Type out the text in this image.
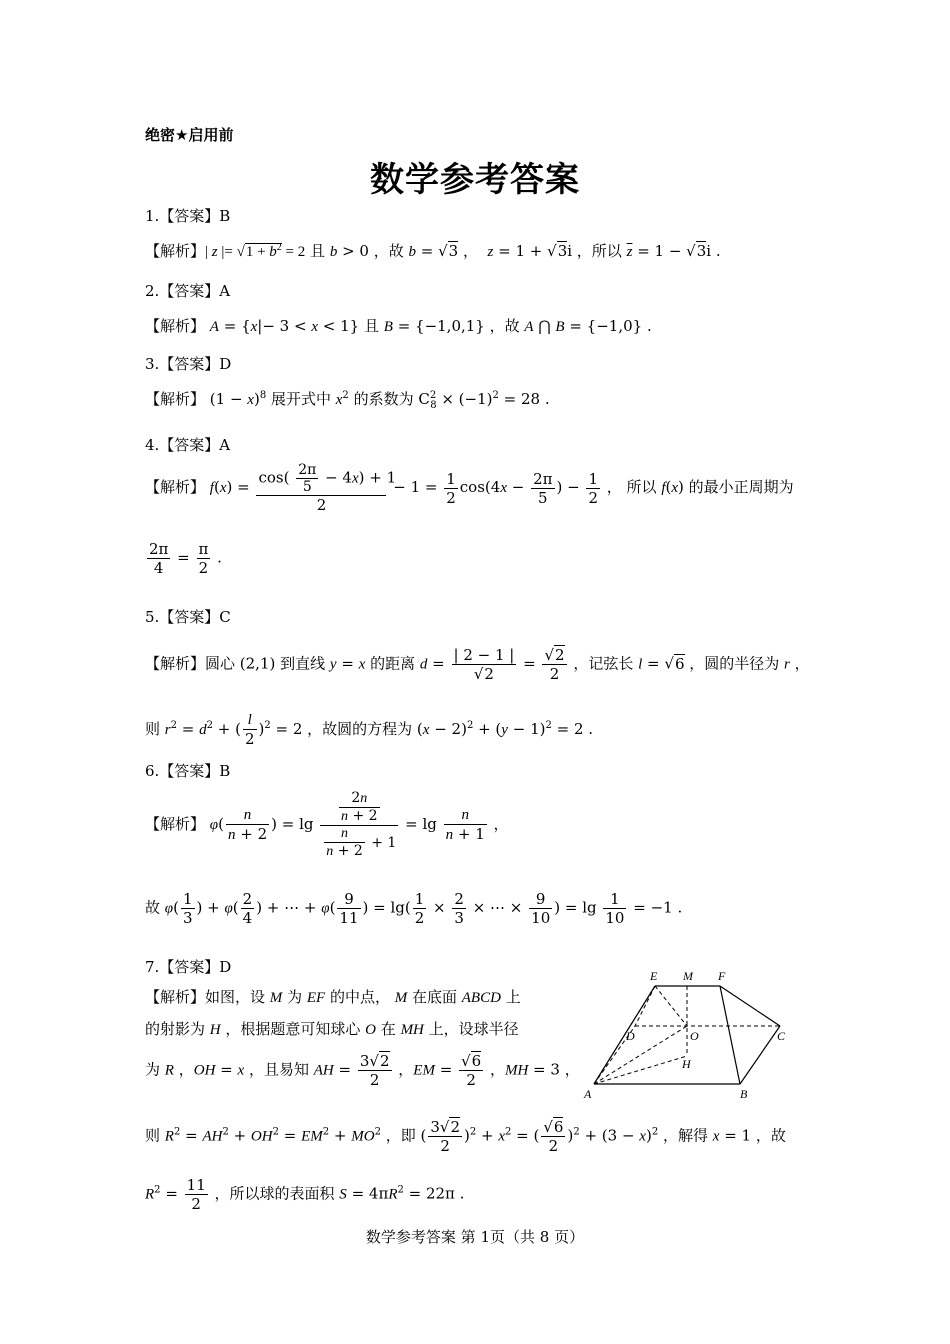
绝密★启用前
数学参考答案
1.【答案】B
【解析】| z |= $√1 + b^2 = 2$ 且 b > 0 ，故 b = √3 ，  z = 1 + √3i ，所以 $\overline{z} = 1 - √3i$ .
2.【答案】A
【解析】 A = {x|− 3 < x < 1} 且 B = {−1,0,1} ，故 A ⋂ B = {−1,0} .
3.【答案】D
【解析】 $(1 - x)^8$ 展开式中 $x^2$ 的系数为 $C^2_8 \times (-1)^2 = 28$ .
4.【答案】A
【解析】 $f(x) = \frac{\cos( \frac{2\pi}{5} - 4x) + 1}{2} - 1 = \frac{1}{2} \cos(4x - \frac{2\pi}{5}$ ) − $\frac{1}{2}$ ， 所以 f(x) 的最小正周期为
$\frac{2\pi}{4} = \frac{\pi}{2}$ .
5.【答案】C
【解析】圆心 (2,1) 到直线 y = x 的距离 $d = \frac{| 2 - 1 |}{√2} = \frac{√2}{2}$ ，记弦长 l = √6 ，圆的半径为 r ，
则 $r^2 = d^2$ + ( $\frac{l}{2} )^2 = 2$ ，故圆的方程为 $(x - 2)^2 + (y - 1)^2 = 2$ .
6.【答案】B
【解析】 $\varphi( \frac{n}{n + 2}$ ) = $\lg \frac{\frac{2n}{n + 2}}{\frac{n}{n + 2} + 1} = \lg \frac{n}{n + 1}$ ，
故 $\varphi( \frac{1}{3}$ ) + $\varphi( \frac{2}{4}$ ) + ⋯ + $\varphi( \frac{9}{11}$ ) = $\lg( \frac{1}{2} \times \frac{2}{3}$ × ⋯ × $\frac{9}{10}$ ) = $\lg \frac{1}{10} = -1$ .
7.【答案】D
【解析】如图，设 M 为 EF 的中点， M 在底面 ABCD 上
的射影为 H ，根据题意可知球心 O 在 MH 上，设球半径
为 R ，OH = x ，且易知 AH = $\frac{3√2}{2}$ ，EM = $\frac{√6}{2}$ ，MH = 3 ，
则 $R^2 = AH^2 + OH^2 = EM^2 + MO^2$ ，即 ( $\frac{3√2}{2} )^2 + x^2$ = ( $\frac{√6}{2} )^2 + (3 - x)^2$ ，解得 x = 1 ，故
$R^2 = \frac{11}{2}$ ，所以球的表面积 $S = 4\pi R^2 = 22\pi$ .
E M F
D	O	C
H
A	B
数学参考答案 第 1页（共 8 页）
